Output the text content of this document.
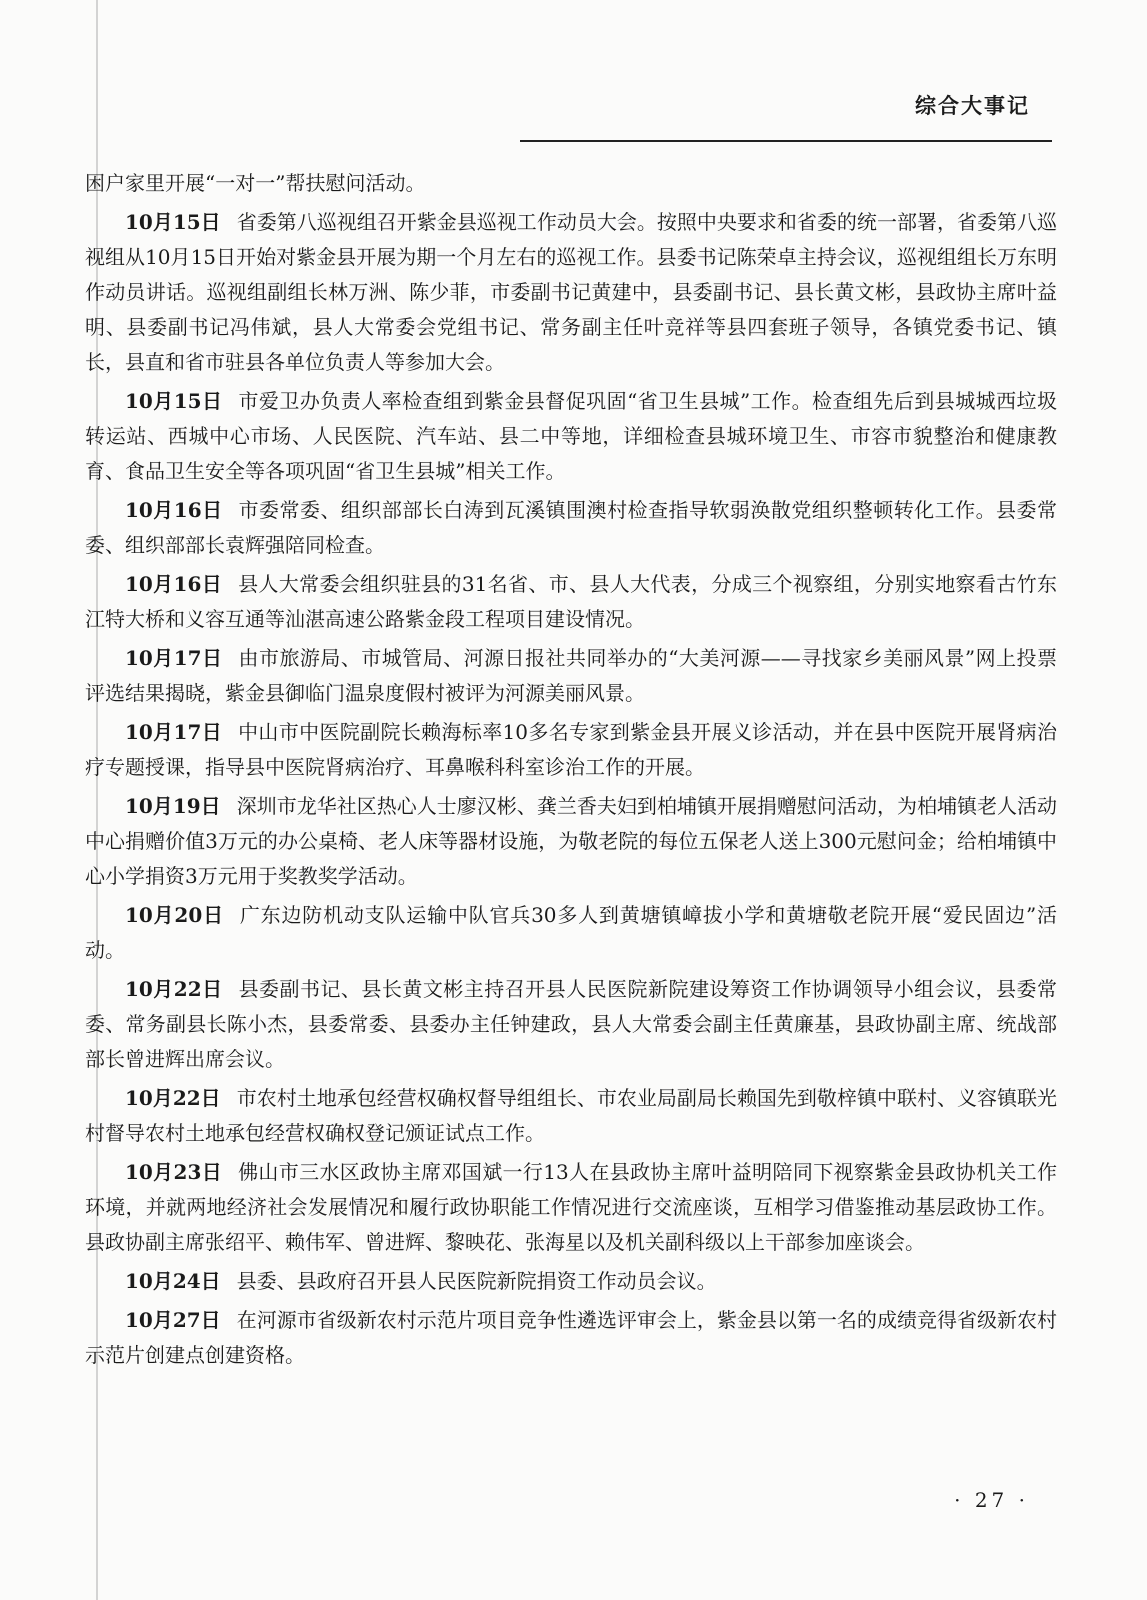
综合大事记

困户家里开展“一对一”帮扶慰问活动。

10月15日 省委第八巡视组召开紫金县巡视工作动员大会。按照中央要求和省委的统一部署，省委第八巡视组从10月15日开始对紫金县开展为期一个月左右的巡视工作。县委书记陈荣卓主持会议，巡视组组长万东明作动员讲话。巡视组副组长林万洲、陈少菲，市委副书记黄建中，县委副书记、县长黄文彬，县政协主席叶益明、县委副书记冯伟斌，县人大常委会党组书记、常务副主任叶竞祥等县四套班子领导，各镇党委书记、镇长，县直和省市驻县各单位负责人等参加大会。

10月15日 市爱卫办负责人率检查组到紫金县督促巩固“省卫生县城”工作。检查组先后到县城城西垃圾转运站、西城中心市场、人民医院、汽车站、县二中等地，详细检查县城环境卫生、市容市貌整治和健康教育、食品卫生安全等各项巩固“省卫生县城”相关工作。

10月16日 市委常委、组织部部长白涛到瓦溪镇围澳村检查指导软弱涣散党组织整顿转化工作。县委常委、组织部部长袁辉强陪同检查。

10月16日 县人大常委会组织驻县的31名省、市、县人大代表，分成三个视察组，分别实地察看古竹东江特大桥和义容互通等汕湛高速公路紫金段工程项目建设情况。

10月17日 由市旅游局、市城管局、河源日报社共同举办的“大美河源——寻找家乡美丽风景”网上投票评选结果揭晓，紫金县御临门温泉度假村被评为河源美丽风景。

10月17日 中山市中医院副院长赖海标率10多名专家到紫金县开展义诊活动，并在县中医院开展肾病治疗专题授课，指导县中医院肾病治疗、耳鼻喉科科室诊治工作的开展。

10月19日 深圳市龙华社区热心人士廖汉彬、龚兰香夫妇到柏埔镇开展捐赠慰问活动，为柏埔镇老人活动中心捐赠价值3万元的办公桌椅、老人床等器材设施，为敬老院的每位五保老人送上300元慰问金；给柏埔镇中心小学捐资3万元用于奖教奖学活动。

10月20日 广东边防机动支队运输中队官兵30多人到黄塘镇嶂拔小学和黄塘敬老院开展“爱民固边”活动。

10月22日 县委副书记、县长黄文彬主持召开县人民医院新院建设筹资工作协调领导小组会议，县委常委、常务副县长陈小杰，县委常委、县委办主任钟建政，县人大常委会副主任黄廉基，县政协副主席、统战部部长曾进辉出席会议。

10月22日 市农村土地承包经营权确权督导组组长、市农业局副局长赖国先到敬梓镇中联村、义容镇联光村督导农村土地承包经营权确权登记颁证试点工作。

10月23日 佛山市三水区政协主席邓国斌一行13人在县政协主席叶益明陪同下视察紫金县政协机关工作环境，并就两地经济社会发展情况和履行政协职能工作情况进行交流座谈，互相学习借鉴推动基层政协工作。县政协副主席张绍平、赖伟军、曾进辉、黎映花、张海星以及机关副科级以上干部参加座谈会。

10月24日 县委、县政府召开县人民医院新院捐资工作动员会议。

10月27日 在河源市省级新农村示范片项目竞争性遴选评审会上，紫金县以第一名的成绩竞得省级新农村示范片创建点创建资格。

· 27 ·
